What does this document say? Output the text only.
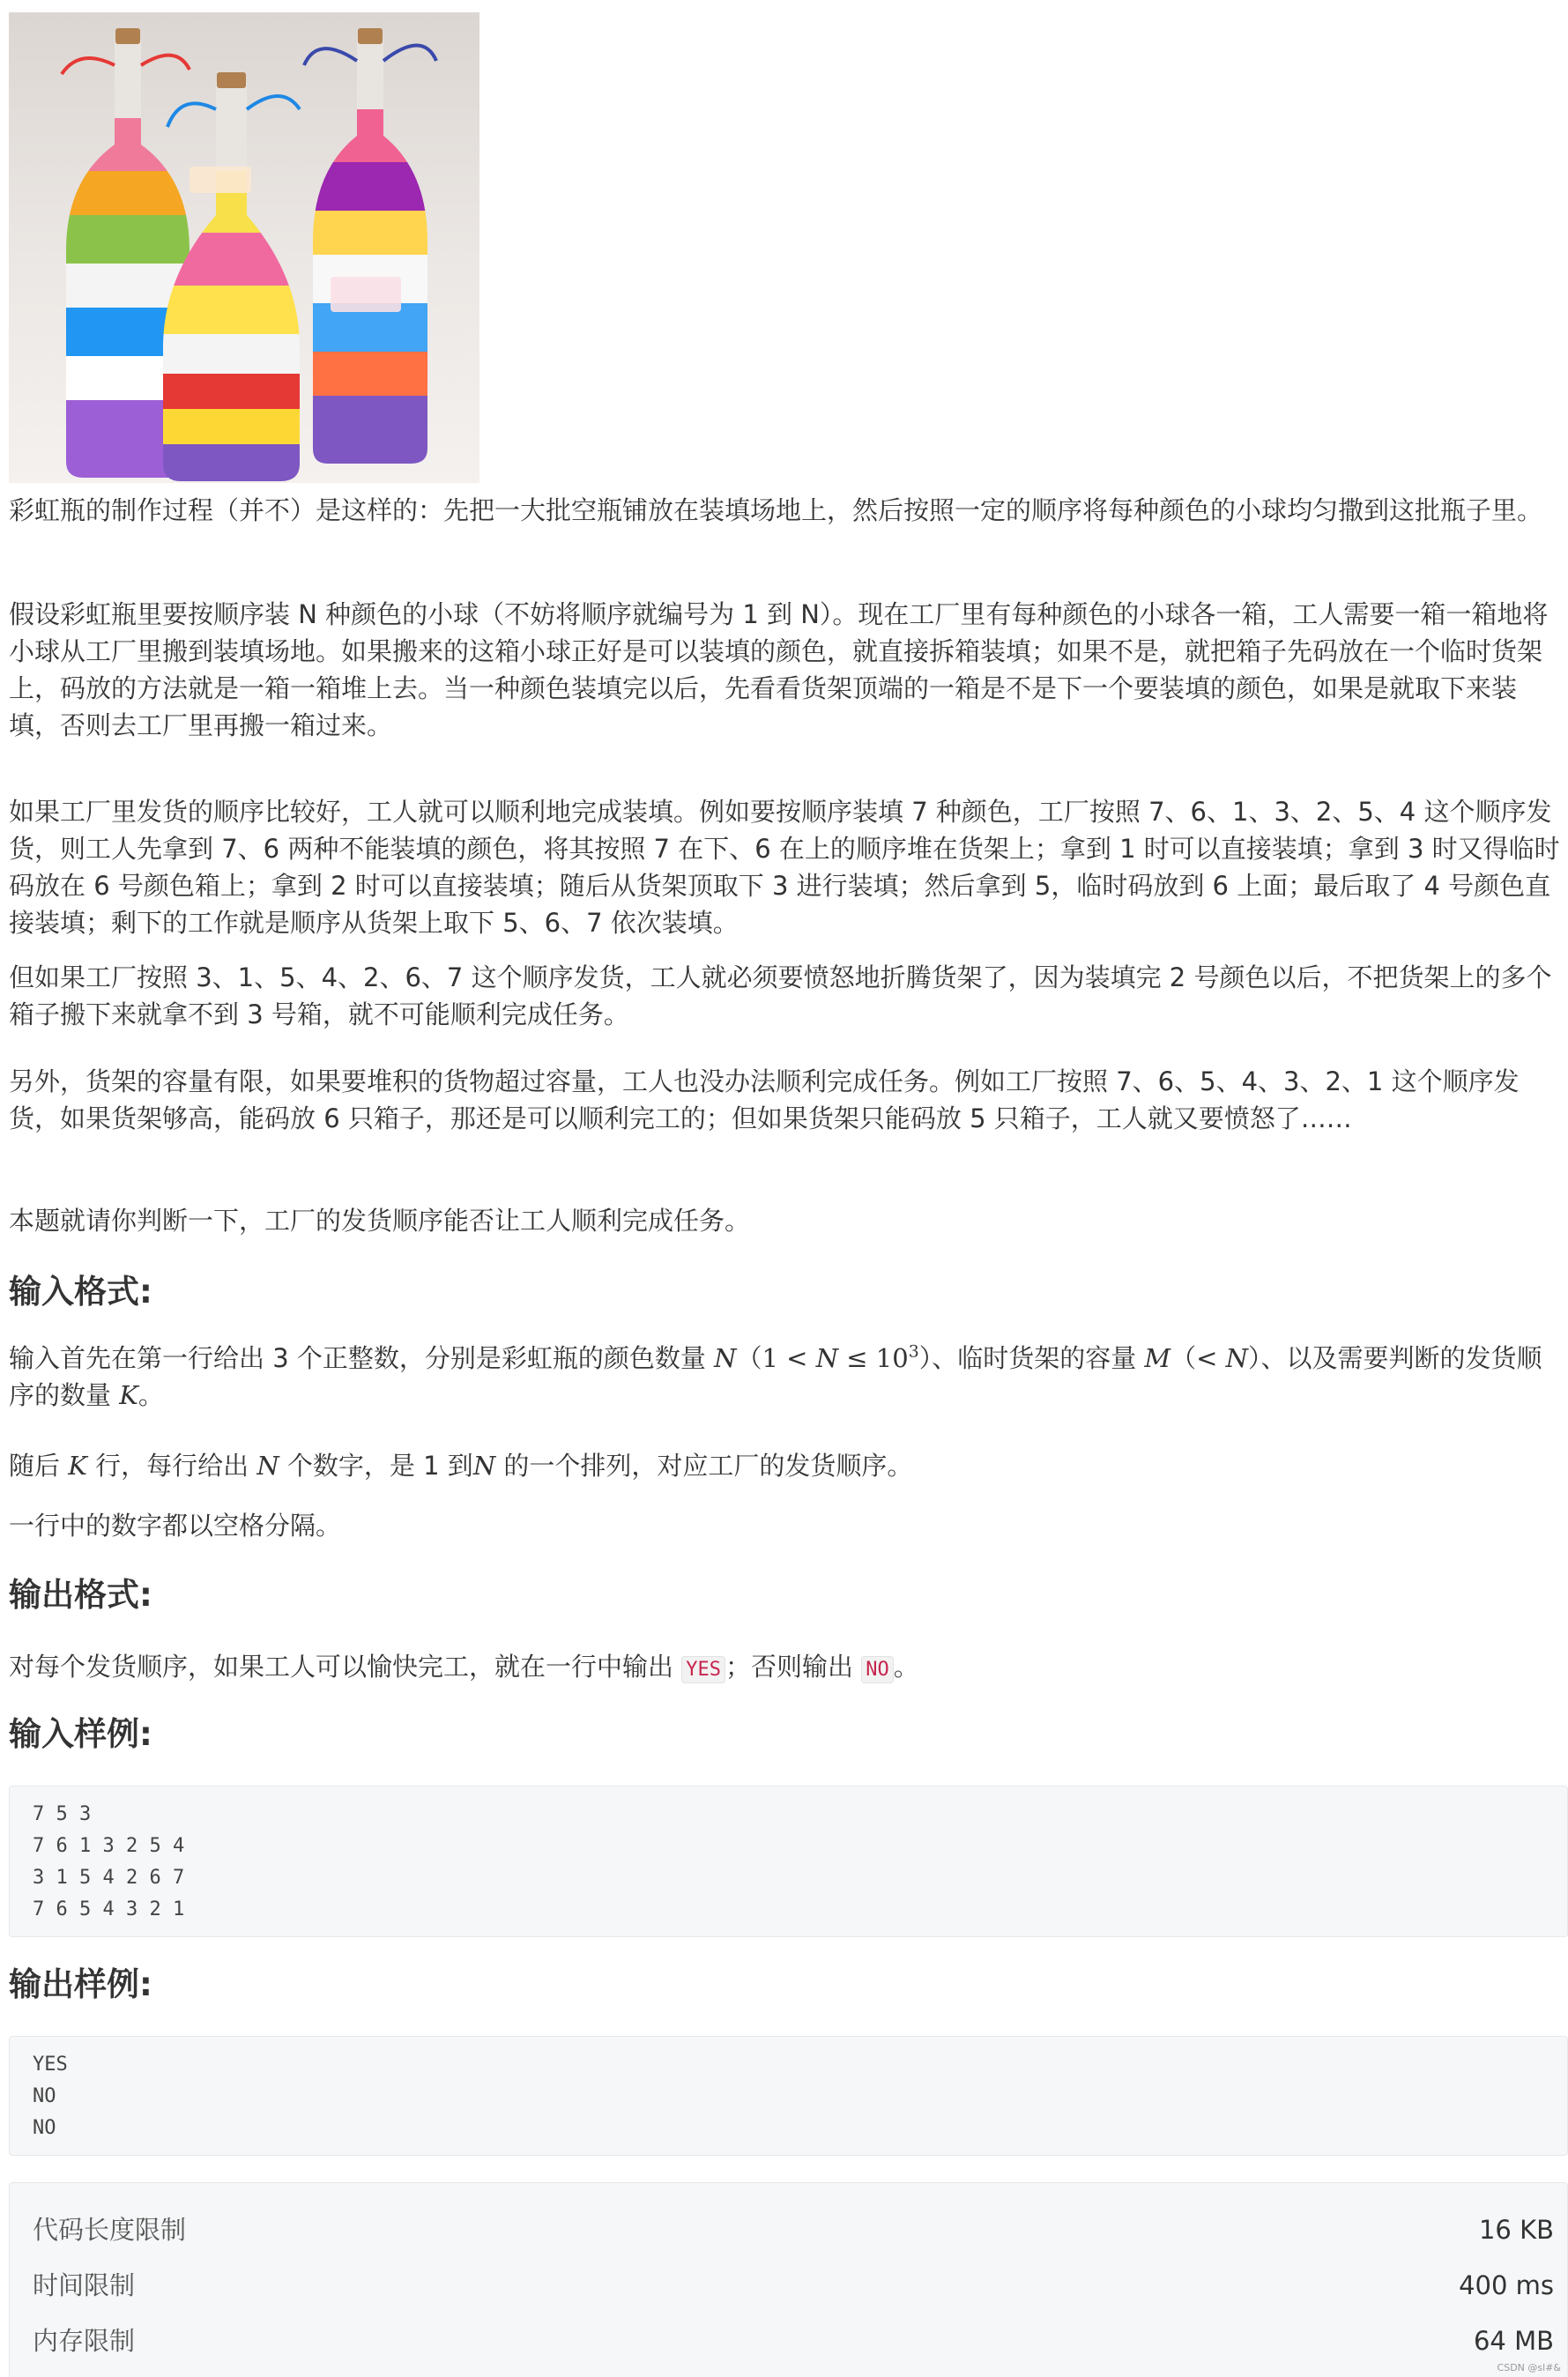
彩虹瓶的制作过程（并不）是这样的：先把一大批空瓶铺放在装填场地上，然后按照一定的顺序将每种颜色的小球均匀撒到这批瓶子里。

假设彩虹瓶里要按顺序装 N 种颜色的小球（不妨将顺序就编号为 1 到 N）。现在工厂里有每种颜色的小球各一箱，工人需要一箱一箱地将小球从工厂里搬到装填场地。如果搬来的这箱小球正好是可以装填的颜色，就直接拆箱装填；如果不是，就把箱子先码放在一个临时货架上，码放的方法就是一箱一箱堆上去。当一种颜色装填完以后，先看看货架顶端的一箱是不是下一个要装填的颜色，如果是就取下来装填，否则去工厂里再搬一箱过来。

如果工厂里发货的顺序比较好，工人就可以顺利地完成装填。例如要按顺序装填 7 种颜色，工厂按照 7、6、1、3、2、5、4 这个顺序发货，则工人先拿到 7、6 两种不能装填的颜色，将其按照 7 在下、6 在上的顺序堆在货架上；拿到 1 时可以直接装填；拿到 3 时又得临时码放在 6 号颜色箱上；拿到 2 时可以直接装填；随后从货架顶取下 3 进行装填；然后拿到 5，临时码放到 6 上面；最后取了 4 号颜色直接装填；剩下的工作就是顺序从货架上取下 5、6、7 依次装填。

但如果工厂按照 3、1、5、4、2、6、7 这个顺序发货，工人就必须要愤怒地折腾货架了，因为装填完 2 号颜色以后，不把货架上的多个箱子搬下来就拿不到 3 号箱，就不可能顺利完成任务。

另外，货架的容量有限，如果要堆积的货物超过容量，工人也没办法顺利完成任务。例如工厂按照 7、6、5、4、3、2、1 这个顺序发货，如果货架够高，能码放 6 只箱子，那还是可以顺利完工的；但如果货架只能码放 5 只箱子，工人就又要愤怒了……

本题就请你判断一下，工厂的发货顺序能否让工人顺利完成任务。

输入格式:

输入首先在第一行给出 3 个正整数，分别是彩虹瓶的颜色数量 $N(1 < N \le 10^3)$、临时货架的容量 M（< N）、以及需要判断的发货顺序的数量 K。

随后 K 行，每行给出 N 个数字，是 1 到N 的一个排列，对应工厂的发货顺序。

一行中的数字都以空格分隔。

输出格式:

对每个发货顺序，如果工人可以愉快完工，就在一行中输出 YES ；否则输出 NO 。

输入样例:
7 5 3
7 6 1 3 2 5 4
3 1 5 4 2 6 7
7 6 5 4 3 2 1
输出样例:
YES
NO
NO
代码长度限制	16 KB
时间限制	400 ms
内存限制	64 MB
CSDN @sl#&
